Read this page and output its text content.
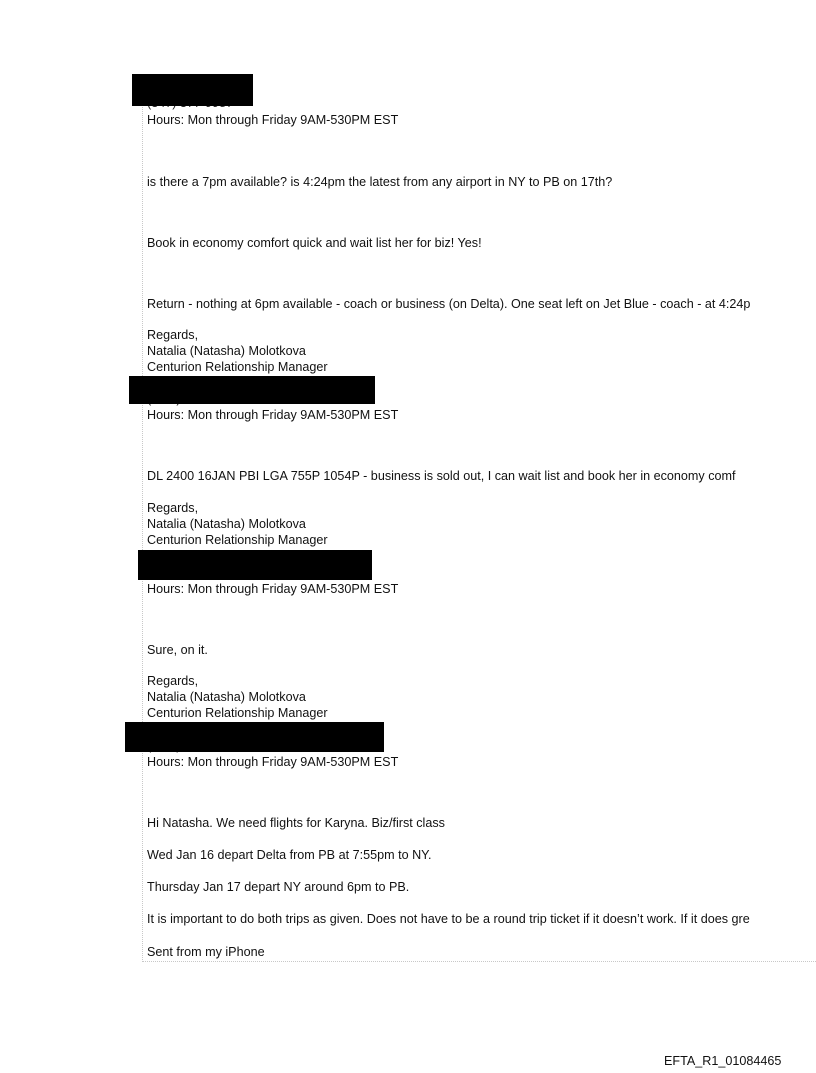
Hours: Mon through Friday 9AM-530PM EST
is there a 7pm available? is 4:24pm the latest from any airport in NY to PB on 17th?
Book in economy comfort quick and wait list her for biz! Yes!
Return - nothing at 6pm available - coach or business (on Delta). One seat left on Jet Blue - coach - at 4:24p
Regards,
Natalia (Natasha) Molotkova
Centurion Relationship Manager
Hours: Mon through Friday 9AM-530PM EST
DL 2400 16JAN PBI LGA 755P 1054P - business is sold out, I can wait list and book her in economy comf
Regards,
Natalia (Natasha) Molotkova
Centurion Relationship Manager
Hours: Mon through Friday 9AM-530PM EST
Sure, on it.
Regards,
Natalia (Natasha) Molotkova
Centurion Relationship Manager
Hours: Mon through Friday 9AM-530PM EST
Hi Natasha. We need flights for Karyna. Biz/first class
Wed Jan 16 depart Delta from PB at 7:55pm to NY.
Thursday Jan 17 depart NY around 6pm to PB.
It is important to do both trips as given. Does not have to be a round trip ticket if it doesn’t work. If it does gre
Sent from my iPhone
EFTA_R1_01084465
